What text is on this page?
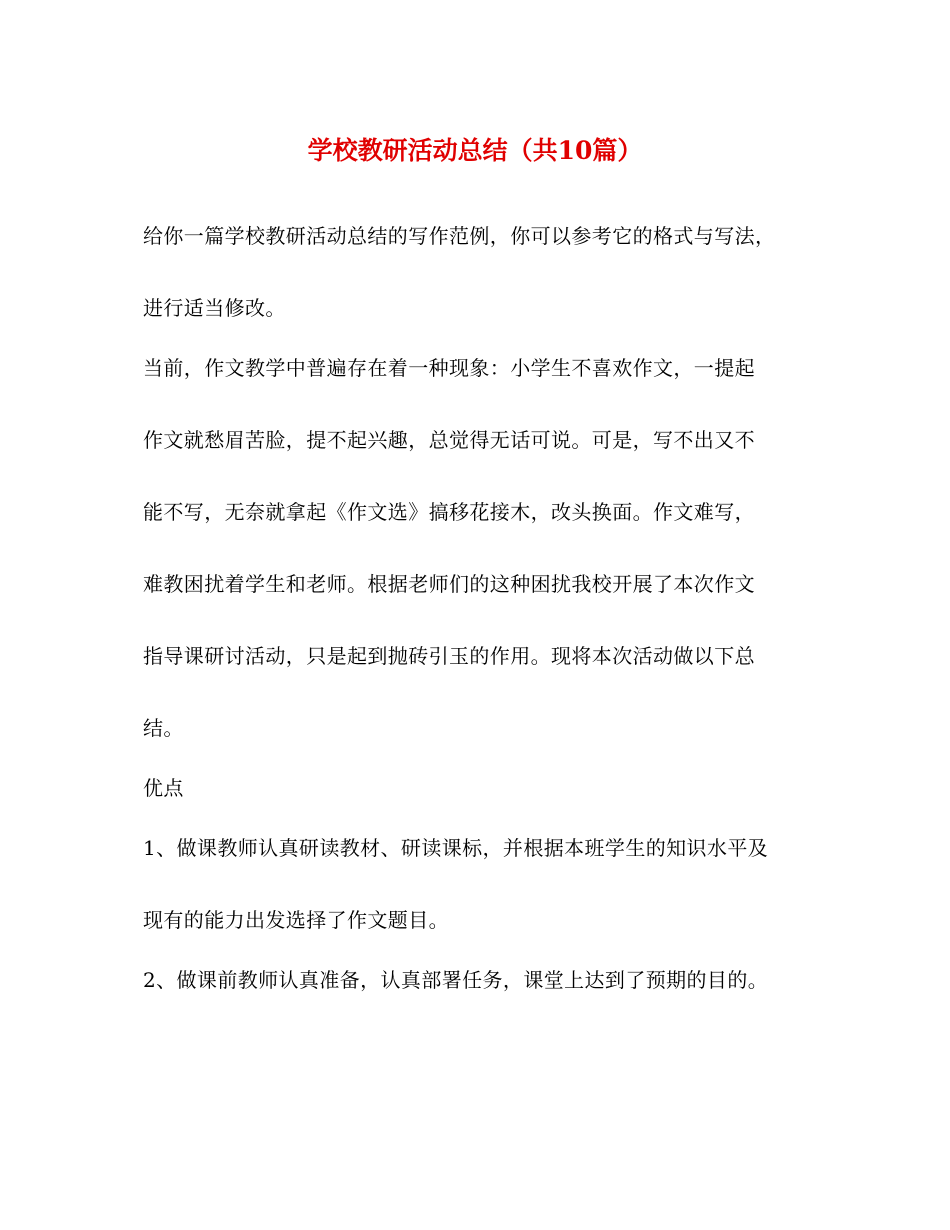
学校教研活动总结（共10篇）
给你一篇学校教研活动总结的写作范例，你可以参考它的格式与写法，
进行适当修改。
当前，作文教学中普遍存在着一种现象：小学生不喜欢作文，一提起
作文就愁眉苦脸，提不起兴趣，总觉得无话可说。可是，写不出又不
能不写，无奈就拿起《作文选》搞移花接木，改头换面。作文难写，
难教困扰着学生和老师。根据老师们的这种困扰我校开展了本次作文
指导课研讨活动，只是起到抛砖引玉的作用。现将本次活动做以下总
结。
优点
1、做课教师认真研读教材、研读课标，并根据本班学生的知识水平及
现有的能力出发选择了作文题目。
2、做课前教师认真准备，认真部署任务，课堂上达到了预期的目的。
